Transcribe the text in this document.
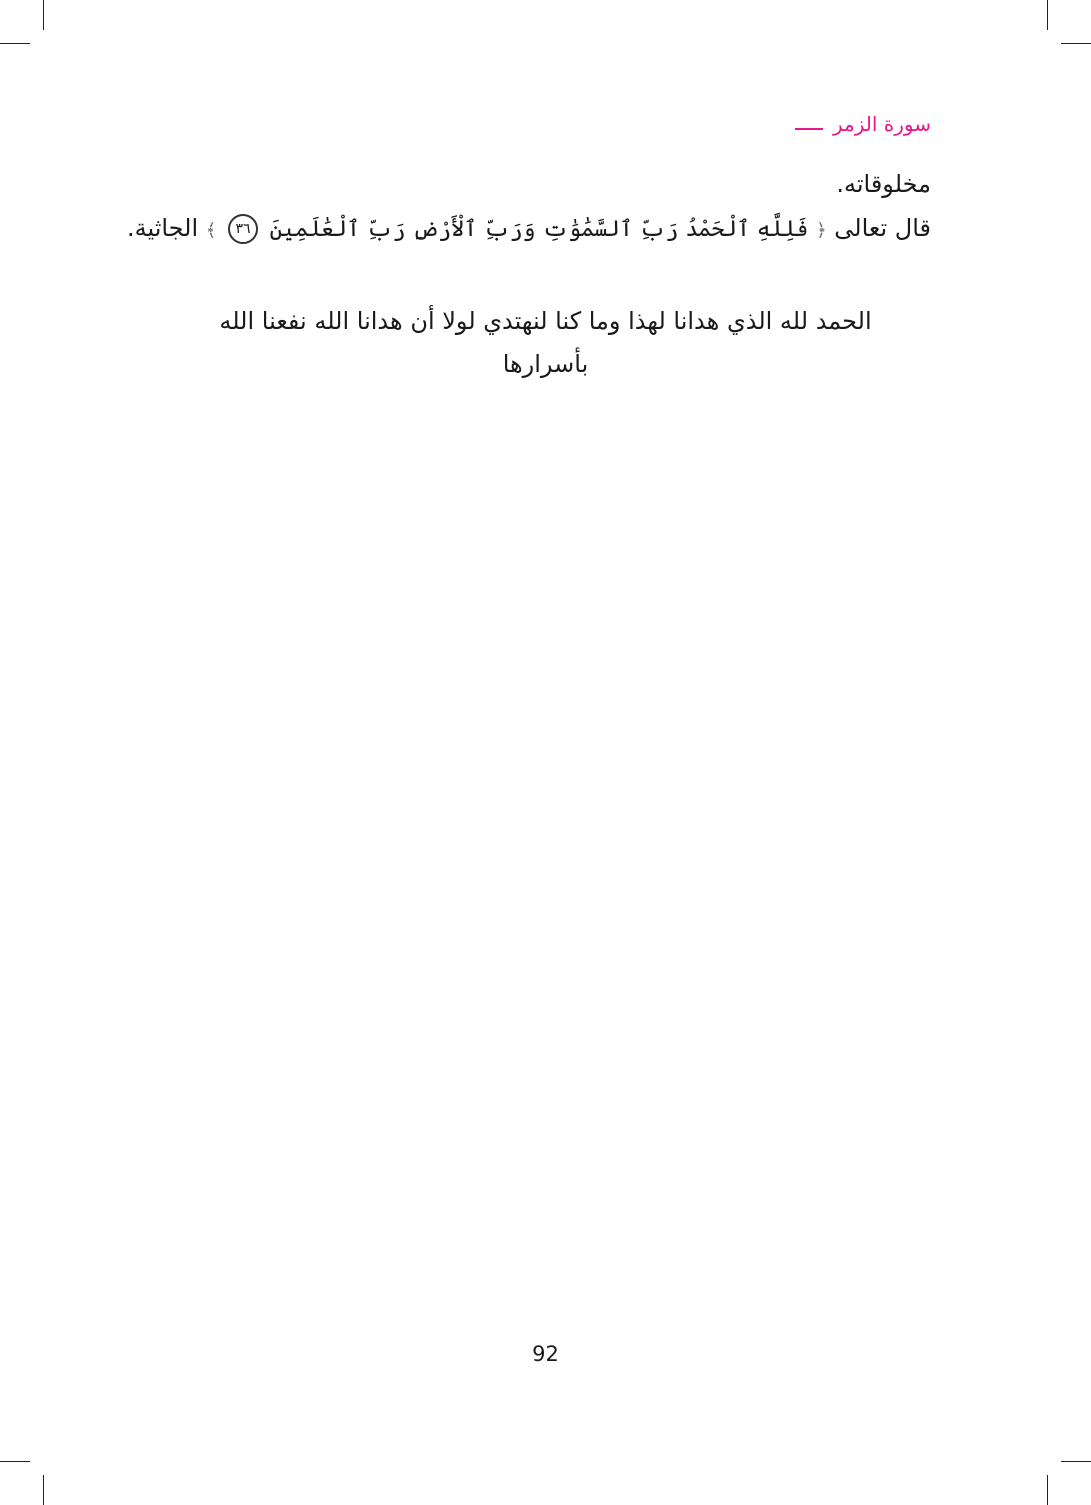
سورة الزمر
مخلوقاته.
قال تعالى ﴿ فَلِلَّهِ ٱلْحَمْدُ رَبِّ ٱلسَّمَٰوَٰتِ وَرَبِّ ٱلْأَرْضِ رَبِّ ٱلْعَٰلَمِينَ ٣٦ ﴾ الجاثية.
الحمد لله الذي هدانا لهذا وما كنا لنهتدي لولا أن هدانا الله نفعنا الله بأسرارها
92
